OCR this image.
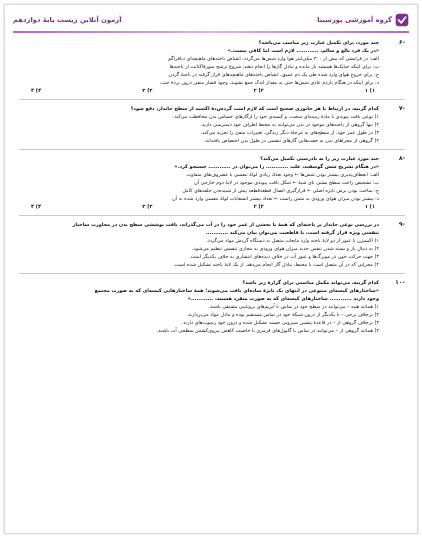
آزمون آنلاین زیست پایهٔ دوازدهم	گروه آموزشی پورسینا
-۶
چند مورد، برای تکمیل عبارت زیر مناسب می‌باشد؟
«در یک فرد بالغ و سالم، ............ لازم است اما کافی نیست.»
الف: در فرانشی که بیش از ۳۰۰ میلی‌لیتر هوا وارد شش‌ها می‌گردد، انقباض یاخته‌های ماهیچه‌ای دیافراگم
ب: برای اینکه حبابک‌ها همیشه باز مانده و تبادل گازها را انجام دهند، شروع ترشح سورفاکتانت از یاخته‌ها
ج: برای خروج هوای وارد شده طی یک دم عمیق، انقباض یاخته‌های ماهیچه‌های قرار گرفته در ناحیهٔ گردن
د: برای اینکه در هنگام بازدم عادی شش‌ها حتی به مقدار اندک جمع نشوند، وجود فشار منفی درون پردهٔ جنب
۱) ۱
۲) ۲
۳) ۳
۴) ۴
-۷
کدام گزینه، در ارتباط با هر جانوری صحیح است که لازم است گردش‌دهٔ اکسید از سطح جاندار، دفع شود؟
۱) نوعی بافت پیوندی با مادهٔ زمینه‌ای سخت، و کیسه‌ی خود را ازگازهای حساس بدن محافظت می‌کند.
۲) تنها گروهی از یاخته‌های موجود در بدن می‌توانند به محیط اطراف خود دسترسی دارند.
۳) در طول عمر خود، از سطح‌های به مرحلهٔ دیگر زندگی، تغییرات منفی را تجربه می‌کند.
۴) گروهی از مجراهای بدن به جفت‌هایی گازهای تنفسی در طول بدن اختصاص یافته‌اند.
-۸
چند مورد عبارت زیر را به نادرستی تکمیل می‌کند؟
«در هنگام تشریح شش گوسفند، علت ............ را می‌توان در ............ جستجو کرد.»
الف: انعطاف‌پذیری بیشتر بودن شش‌ها ← وجود تعداد زیادی لولهٔ تنفسی با غضروف‌های متفاوت
ب: تشخیص راحت سطح پشتی نای شیهٔ ← شکل بافت پیوندی موجود در لایهٔ دوم خارجی آن
ج: ساخت بودن برش نایژه اصلی ← قرارگیری اتصال قطعه‌قطعه پیش از شنیده‌دن حلقه‌های کامل
د: بیشتر بودن میزان هوای ورودی به شش راست ← تعداد بیشتر انشعابات لولهٔ تنفسی وارد شده به آن
۱) ۱
۲) ۲
۳) ۳
۴) ۴
-۹
در بررسی نوعی جاندار پر یاخته‌ای که همهٔ یا بخشی از عمر خود را در آب می‌گذراند، بافت پوششی سطح بدن در مجاورت ساختار
تنفسی ویژه قرار گرفته است، با قاطعیت می‌توان بیان می‌کند ............
۱) اکسیژن با عبور از دو لایهٔ یاخته وارد مایعات متصل به دستگاه گردش مواد می‌گردد.
۲) به دنبال باز و بسته شدن تنفس جدید میزان هوای ورودی به مجاری تنفسی تنظیم می‌شود.
۳) جهت حرکت خون در مویرگ‌ها و عبور آب در خلاف دیده‌های انتشاری به‌ خلاف یکدیگر است.
۴) مجرایی که در آن متصل است با محیط، تبادل گاز انجام می‌دهد، از یک لایهٔ یاخته تشکیل شده است.
-۱۰
کدام گزینه، می‌تواند مکمل مناسبی برای گزارهٔ زیر باشد؟
«ساختارهای کیسه‌ای متنوعی در انتهای یک نایژهٔ ساده‌ای بافت می‌شوند؛ همهٔ ساختارهایی کیسه‌ای که به صورت مجتمع
وجود دارند ............ ساختارهای کیسه‌ای که به صورت منفرد هستند، ............»
۱) همانند همه – می‌توانند در سطح خود در تماس با آنزیم‌های پروتئینی مشتقی باشند.
۲) برخلاف برخی – با یکدیگر از درون شبکهٔ خود در تماس مستقیم بوده و تبادل مواد می‌پردازند.
۳) برخلاف گروهی از – در قاعدهٔ پیشین سیرونی حسته تشکیل شده و درون خود رسوب‌های دارند.
۴) همانند گروهی از – می‌توانند در تماس با گلبول‌های قرمزی با خاصیت کاهش نیروی‌کشش سطحی آب باشند.
